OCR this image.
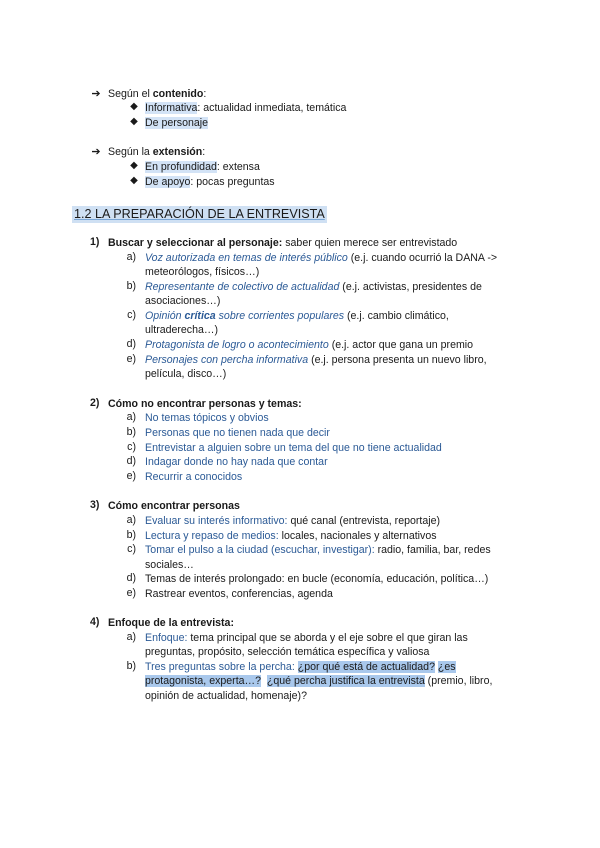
➔ Según el contenido:
◆ Informativa: actualidad inmediata, temática
◆ De personaje
➔ Según la extensión:
◆ En profundidad: extensa
◆ De apoyo: pocas preguntas
1.2 LA PREPARACIÓN DE LA ENTREVISTA
1) Buscar y seleccionar al personaje: saber quien merece ser entrevistado
a) Voz autorizada en temas de interés público (e.j. cuando ocurrió la DANA ->
meteorólogos, físicos…)
b) Representante de colectivo de actualidad (e.j. activistas, presidentes de
asociaciones…)
c) Opinión crítica sobre corrientes populares (e.j. cambio climático,
ultraderecha…)
d) Protagonista de logro o acontecimiento (e.j. actor que gana un premio
e) Personajes con percha informativa (e.j. persona presenta un nuevo libro,
película, disco…)
2) Cómo no encontrar personas y temas:
a) No temas tópicos y obvios
b) Personas que no tienen nada que decir
c) Entrevistar a alguien sobre un tema del que no tiene actualidad
d) Indagar donde no hay nada que contar
e) Recurrir a conocidos
3) Cómo encontrar personas
a) Evaluar su interés informativo: qué canal (entrevista, reportaje)
b) Lectura y repaso de medios: locales, nacionales y alternativos
c) Tomar el pulso a la ciudad (escuchar, investigar): radio, familia, bar, redes
sociales…
d) Temas de interés prolongado: en bucle (economía, educación, política…)
e) Rastrear eventos, conferencias, agenda
4) Enfoque de la entrevista:
a) Enfoque: tema principal que se aborda y el eje sobre el que giran las
preguntas, propósito, selección temática específica y valiosa
b) Tres preguntas sobre la percha: ¿por qué está de actualidad? ¿es
protagonista, experta…? ¿qué percha justifica la entrevista (premio, libro,
opinión de actualidad, homenaje)?
